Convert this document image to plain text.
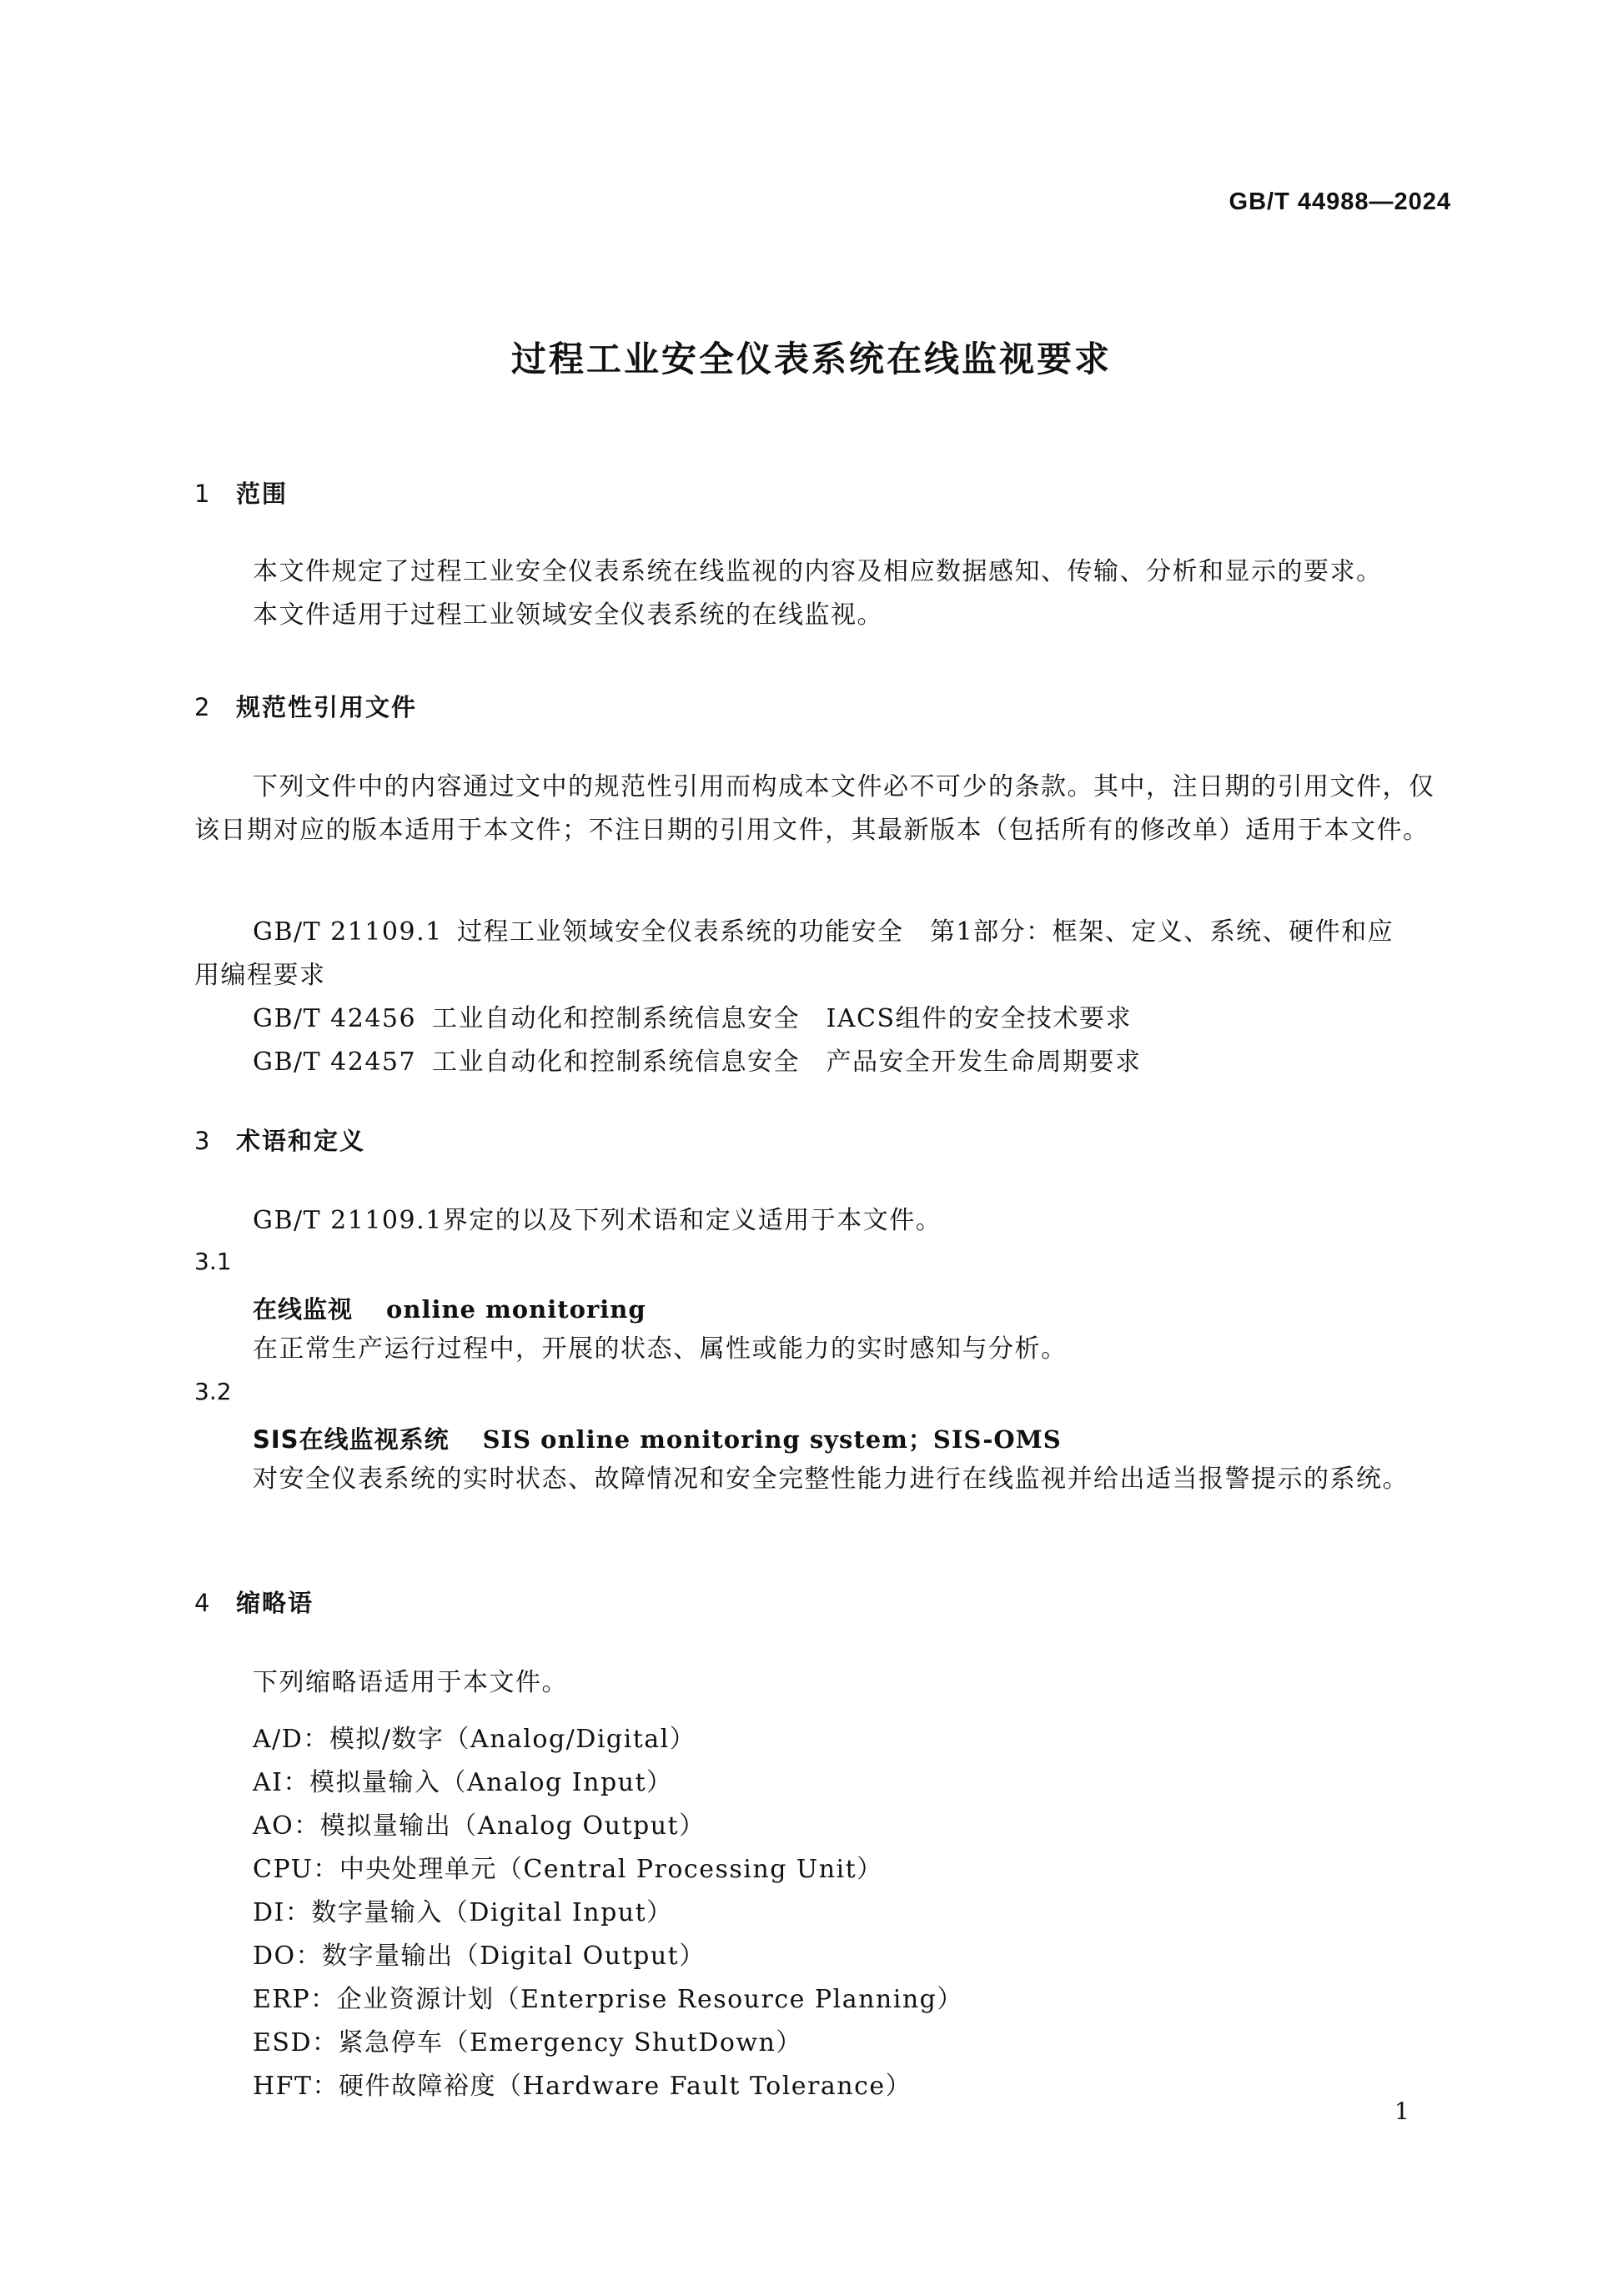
GB/T 44988—2024
过程工业安全仪表系统在线监视要求
1 范围
本文件规定了过程工业安全仪表系统在线监视的内容及相应数据感知、传输、分析和显示的要求。
本文件适用于过程工业领域安全仪表系统的在线监视。
2 规范性引用文件
下列文件中的内容通过文中的规范性引用而构成本文件必不可少的条款。其中，注日期的引用文件，仅该日期对应的版本适用于本文件；不注日期的引用文件，其最新版本（包括所有的修改单）适用于本文件。
GB/T 21109.1 过程工业领域安全仪表系统的功能安全　第1部分：框架、定义、系统、硬件和应
用编程要求
GB/T 42456 工业自动化和控制系统信息安全　IACS组件的安全技术要求
GB/T 42457 工业自动化和控制系统信息安全　产品安全开发生命周期要求
3 术语和定义
GB/T 21109.1界定的以及下列术语和定义适用于本文件。
3.1
在线监视 online monitoring
在正常生产运行过程中，开展的状态、属性或能力的实时感知与分析。
3.2
SIS在线监视系统 SIS online monitoring system；SIS-OMS
对安全仪表系统的实时状态、故障情况和安全完整性能力进行在线监视并给出适当报警提示的系统。
4 缩略语
下列缩略语适用于本文件。
A/D：模拟/数字（Analog/Digital）
AI：模拟量输入（Analog Input）
AO：模拟量输出（Analog Output）
CPU：中央处理单元（Central Processing Unit）
DI：数字量输入（Digital Input）
DO：数字量输出（Digital Output）
ERP：企业资源计划（Enterprise Resource Planning）
ESD：紧急停车（Emergency ShutDown）
HFT：硬件故障裕度（Hardware Fault Tolerance）
1
